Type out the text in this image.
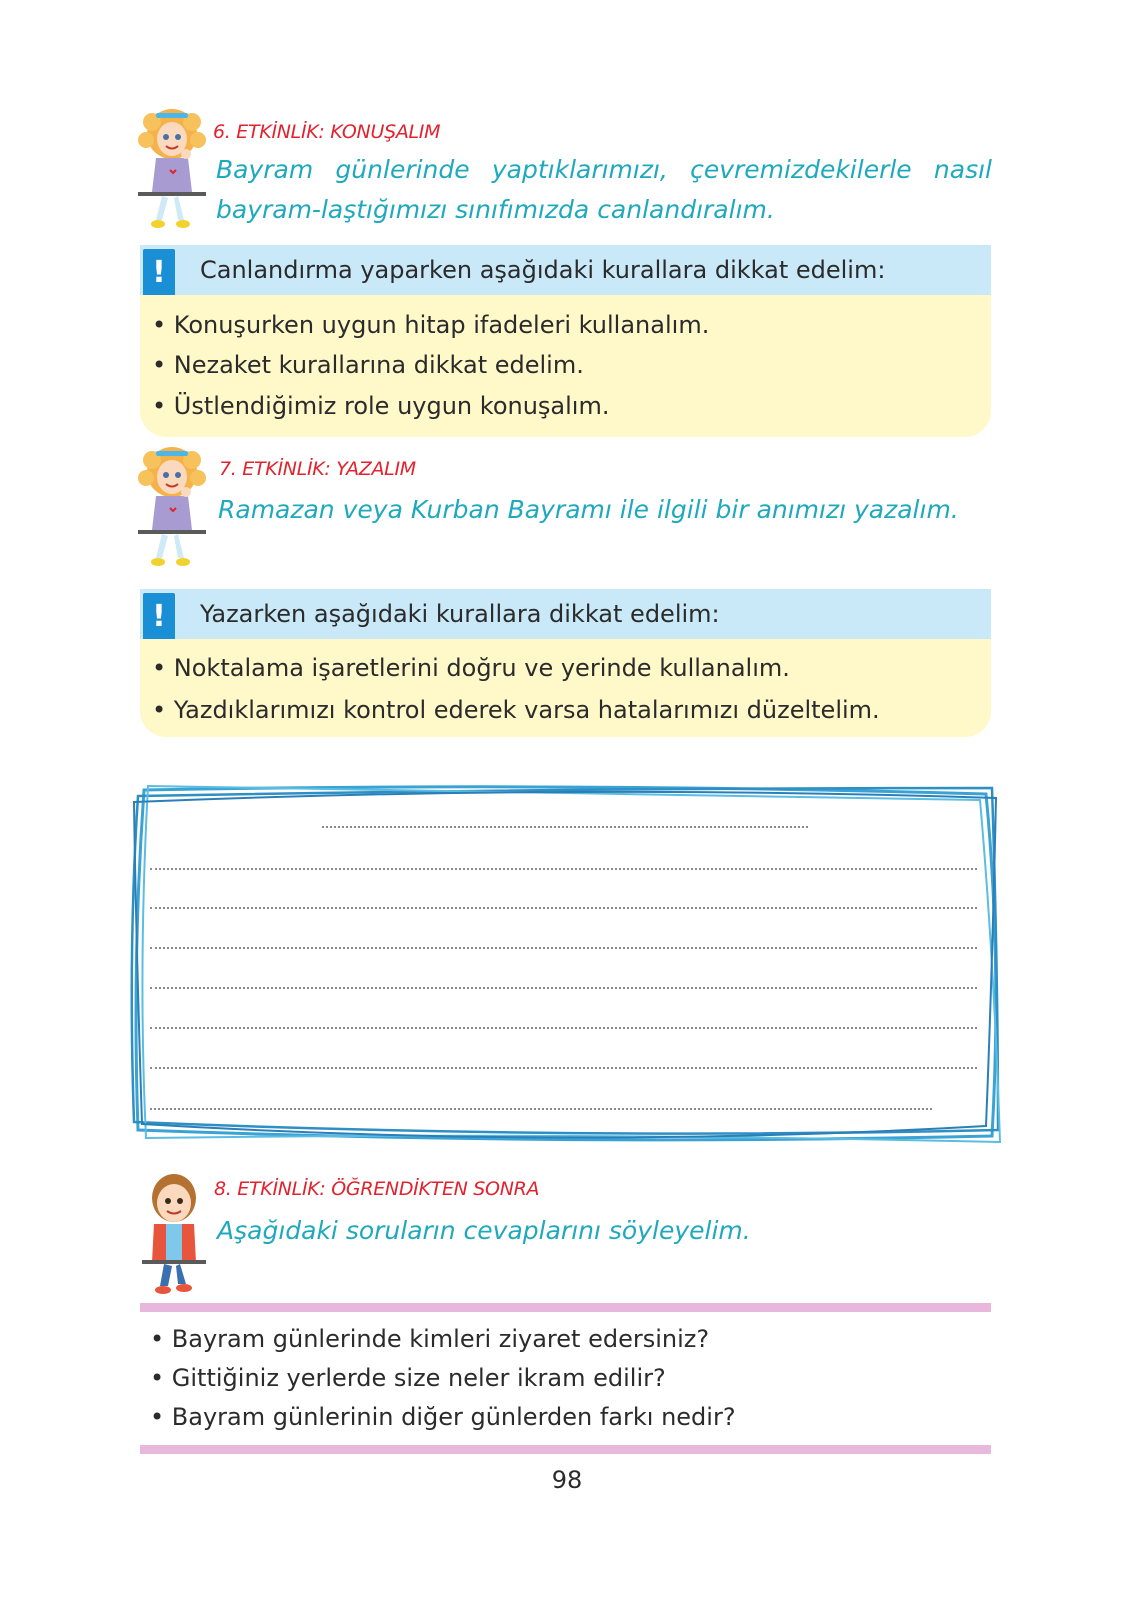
6. ETKİNLİK: KONUŞALIM
Bayram günlerinde yaptıklarımızı, çevremizdekilerle nasıl bayram-laştığımızı sınıfımızda canlandıralım.
Canlandırma yaparken aşağıdaki kurallara dikkat edelim:
!
• Konuşurken uygun hitap ifadeleri kullanalım.
• Nezaket kurallarına dikkat edelim.
• Üstlendiğimiz role uygun konuşalım.
7. ETKİNLİK: YAZALIM
Ramazan veya Kurban Bayramı ile ilgili bir anımızı yazalım.
Yazarken aşağıdaki kurallara dikkat edelim:
!
• Noktalama işaretlerini doğru ve yerinde kullanalım.
• Yazdıklarımızı kontrol ederek varsa hatalarımızı düzeltelim.
8. ETKİNLİK: ÖĞRENDİKTEN SONRA
Aşağıdaki soruların cevaplarını söyleyelim.
• Bayram günlerinde kimleri ziyaret edersiniz?
• Gittiğiniz yerlerde size neler ikram edilir?
• Bayram günlerinin diğer günlerden farkı nedir?
98
